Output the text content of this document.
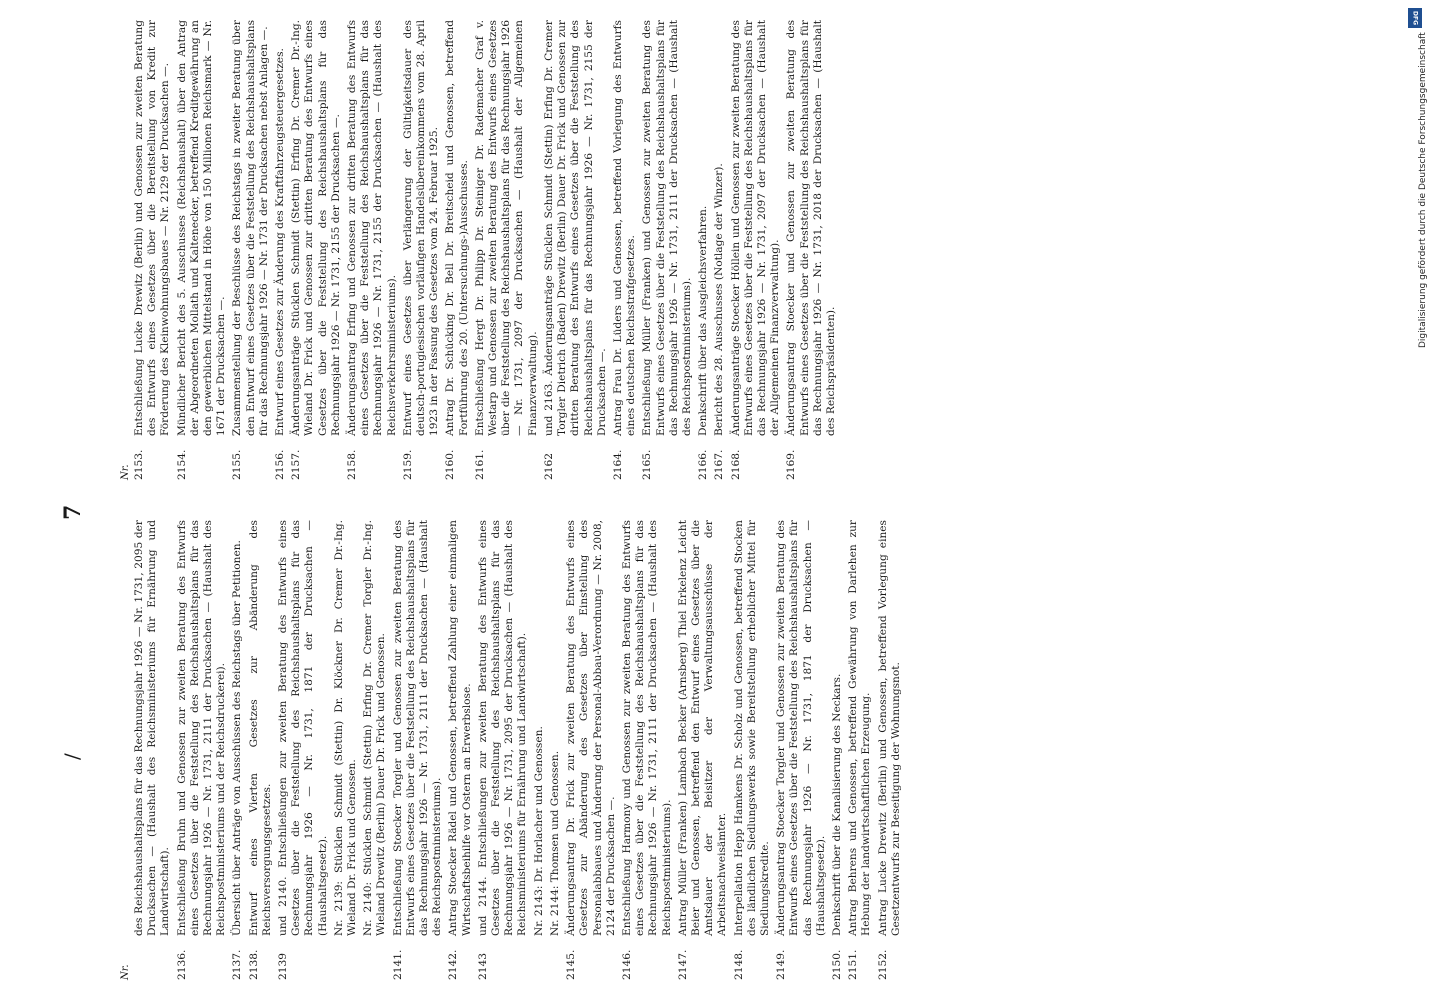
Nr.
des Reichshaushaltsplans für das Rechnungsjahr 1926 — Nr. 1731, 2095 der Drucksachen — (Haushalt des Reichsministeriums für Ernährung und Landwirtschaft).
2136.
Entschließung Bruhn und Genossen zur zweiten Beratung des Entwurfs eines Gesetzes über die Feststellung des Reichshaushaltsplans für das Rechnungsjahr 1926 — Nr. 1731, 2111 der Drucksachen — (Haushalt des Reichspostministeriums und der Reichsdruckerei).
2137.
Übersicht über Anträge von Ausschüssen des Reichstags über Petitionen.
2138.
Entwurf eines Vierten Gesetzes zur Abänderung des Reichsversorgungsgesetzes.
2139
und 2140. Entschließungen zur zweiten Beratung des Entwurfs eines Gesetzes über die Feststellung des Reichshaushaltsplans für das Rechnungsjahr 1926 — Nr. 1731, 1871 der Drucksachen — (Haushaltsgesetz). Nr. 2139: Stücklen Schmidt (Stettin) Dr. Klöckner Dr. Cremer Dr.-Ing. Wieland Dr. Frick und Genossen. Nr. 2140: Stücklen Schmidt (Stettin) Erfing Dr. Cremer Torgler Dr.-Ing. Wieland Drewitz (Berlin) Dauer Dr. Frick und Genossen.
2141.
Entschließung Stoecker Torgler und Genossen zur zweiten Beratung des Entwurfs eines Gesetzes über die Feststellung des Reichshaushaltsplans für das Rechnungsjahr 1926 — Nr. 1731, 2111 der Drucksachen — (Haushalt des Reichspostministeriums).
2142.
Antrag Stoecker Rädel und Genossen, betreffend Zahlung einer einmaligen Wirtschaftsbeihilfe vor Ostern an Erwerbslose.
2143
und 2144. Entschließungen zur zweiten Beratung des Entwurfs eines Gesetzes über die Feststellung des Reichshaushaltsplans für das Rechnungsjahr 1926 — Nr. 1731, 2095 der Drucksachen — (Haushalt des Reichsministeriums für Ernährung und Landwirtschaft). Nr. 2143: Dr. Horlacher und Genossen. Nr. 2144: Thomsen und Genossen.
2145.
Änderungsantrag Dr. Frick zur zweiten Beratung des Entwurfs eines Gesetzes zur Abänderung des Gesetzes über Einstellung des Personalabbaues und Änderung der Personal-Abbau-Verordnung — Nr. 2008, 2124 der Drucksachen —.
2146.
Entschließung Harmony und Genossen zur zweiten Beratung des Entwurfs eines Gesetzes über die Feststellung des Reichshaushaltsplans für das Rechnungsjahr 1926 — Nr. 1731, 2111 der Drucksachen — (Haushalt des Reichspostministeriums).
2147.
Antrag Müller (Franken) Lambach Becker (Arnsberg) Thiel Erkelenz Leicht Beier und Genossen, betreffend den Entwurf eines Gesetzes über die Amtsdauer der Beisitzer der Verwaltungsausschüsse der Arbeitsnachweisämter.
2148.
Interpellation Hepp Hamkens Dr. Scholz und Genossen, betreffend Stocken des ländlichen Siedlungswerks sowie Bereitstellung erheblicher Mittel für Siedlungskredite.
2149.
Änderungsantrag Stoecker Torgler und Genossen zur zweiten Beratung des Entwurfs eines Gesetzes über die Feststellung des Reichshaushaltsplans für das Rechnungsjahr 1926 — Nr. 1731, 1871 der Drucksachen — (Haushaltsgesetz).
2150.
Denkschrift über die Kanalisierung des Neckars.
2151.
Antrag Behrens und Genossen, betreffend Gewährung von Darlehen zur Hebung der landwirtschaftlichen Erzeugung.
2152.
Antrag Lucke Drewitz (Berlin) und Genossen, betreffend Vorlegung eines Gesetzentwurfs zur Beseitigung der Wohnungsnot.
7
/
Nr. 2153.
Entschließung Lucke Drewitz (Berlin) und Genossen zur zweiten Beratung des Entwurfs eines Gesetzes über die Bereitstellung von Kredit zur Förderung des Kleinwohnungsbaues — Nr. 2129 der Drucksachen —.
2154.
Mündlicher Bericht des 5. Ausschusses (Reichshaushalt) über den Antrag der Abgeordneten Mollath und Kaltenecker, betreffend Kreditgewährung an den gewerblichen Mittelstand in Höhe von 150 Millionen Reichsmark — Nr. 1671 der Drucksachen —.
2155.
Zusammenstellung der Beschlüsse des Reichstags in zweiter Beratung über den Entwurf eines Gesetzes über die Feststellung des Reichshaushaltsplans für das Rechnungsjahr 1926 — Nr. 1731 der Drucksachen nebst Anlagen —.
2156.
Entwurf eines Gesetzes zur Änderung des Kraftfahrzeugsteuergesetzes.
2157.
Änderungsanträge Stücklen Schmidt (Stettin) Erfing Dr. Cremer Dr.-Ing. Wieland Dr. Frick und Genossen zur dritten Beratung des Entwurfs eines Gesetzes über die Feststellung des Reichshaushaltsplans für das Rechnungsjahr 1926 — Nr. 1731, 2155 der Drucksachen —.
2158.
Änderungsantrag Erfing und Genossen zur dritten Beratung des Entwurfs eines Gesetzes über die Feststellung des Reichshaushaltsplans für das Rechnungsjahr 1926 — Nr. 1731, 2155 der Drucksachen — (Haushalt des Reichsverkehrsministeriums).
2159.
Entwurf eines Gesetzes über Verlängerung der Gültigkeitsdauer des deutsch-portugiesischen vorläufigen Handelsübereinkommens vom 28. April 1923 in der Fassung des Gesetzes vom 24. Februar 1925.
2160.
Antrag Dr. Schücking Dr. Bell Dr. Breitscheid und Genossen, betreffend Fortführung des 20. (Untersuchungs-)Ausschusses.
2161.
Entschließung Hergt Dr. Philipp Dr. Steiniger Dr. Rademacher Graf v. Westarp und Genossen zur zweiten Beratung des Entwurfs eines Gesetzes über die Feststellung des Reichshaushaltsplans für das Rechnungsjahr 1926 — Nr. 1731, 2097 der Drucksachen — (Haushalt der Allgemeinen Finanzverwaltung).
2162
und 2163. Änderungsanträge Stücklen Schmidt (Stettin) Erfing Dr. Cremer Torgler Dietrich (Baden) Drewitz (Berlin) Dauer Dr. Frick und Genossen zur dritten Beratung des Entwurfs eines Gesetzes über die Feststellung des Reichshaushaltsplans für das Rechnungsjahr 1926 — Nr. 1731, 2155 der Drucksachen —.
2164.
Antrag Frau Dr. Lüders und Genossen, betreffend Vorlegung des Entwurfs eines deutschen Reichsstrafgesetzes.
2165.
Entschließung Müller (Franken) und Genossen zur zweiten Beratung des Entwurfs eines Gesetzes über die Feststellung des Reichshaushaltsplans für das Rechnungsjahr 1926 — Nr. 1731, 2111 der Drucksachen — (Haushalt des Reichspostministeriums).
2166.
Denkschrift über das Ausgleichsverfahren.
2167.
Bericht des 28. Ausschusses (Notlage der Winzer).
2168.
Änderungsanträge Stoecker Höllein und Genossen zur zweiten Beratung des Entwurfs eines Gesetzes über die Feststellung des Reichshaushaltsplans für das Rechnungsjahr 1926 — Nr. 1731, 2097 der Drucksachen — (Haushalt der Allgemeinen Finanzverwaltung).
2169.
Änderungsantrag Stoecker und Genossen zur zweiten Beratung des Entwurfs eines Gesetzes über die Feststellung des Reichshaushaltsplans für das Rechnungsjahr 1926 — Nr. 1731, 2018 der Drucksachen — (Haushalt des Reichspräsidenten).
DFG
Digitalisierung gefördert durch die Deutsche Forschungsgemeinschaft
